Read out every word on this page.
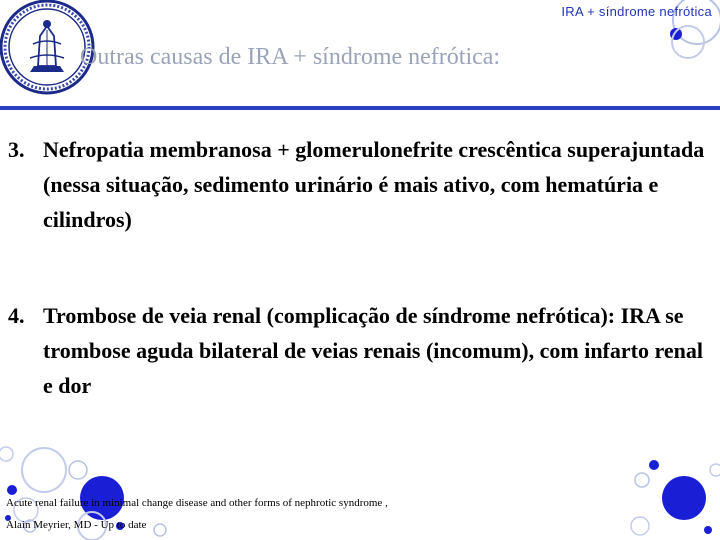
IRA + síndrome nefrótica
Outras causas de IRA + síndrome nefrótica:
3. Nefropatia membranosa + glomerulonefrite crescêntica superajuntada (nessa situação, sedimento urinário é mais ativo, com hematúria e cilindros)
4. Trombose de veia renal (complicação de síndrome nefrótica): IRA se trombose aguda bilateral de veias renais (incomum), com infarto renal e dor
Acute renal failure in minimal change disease and other forms of nephrotic syndrome ,
Alain Meyrier, MD - Up to date
